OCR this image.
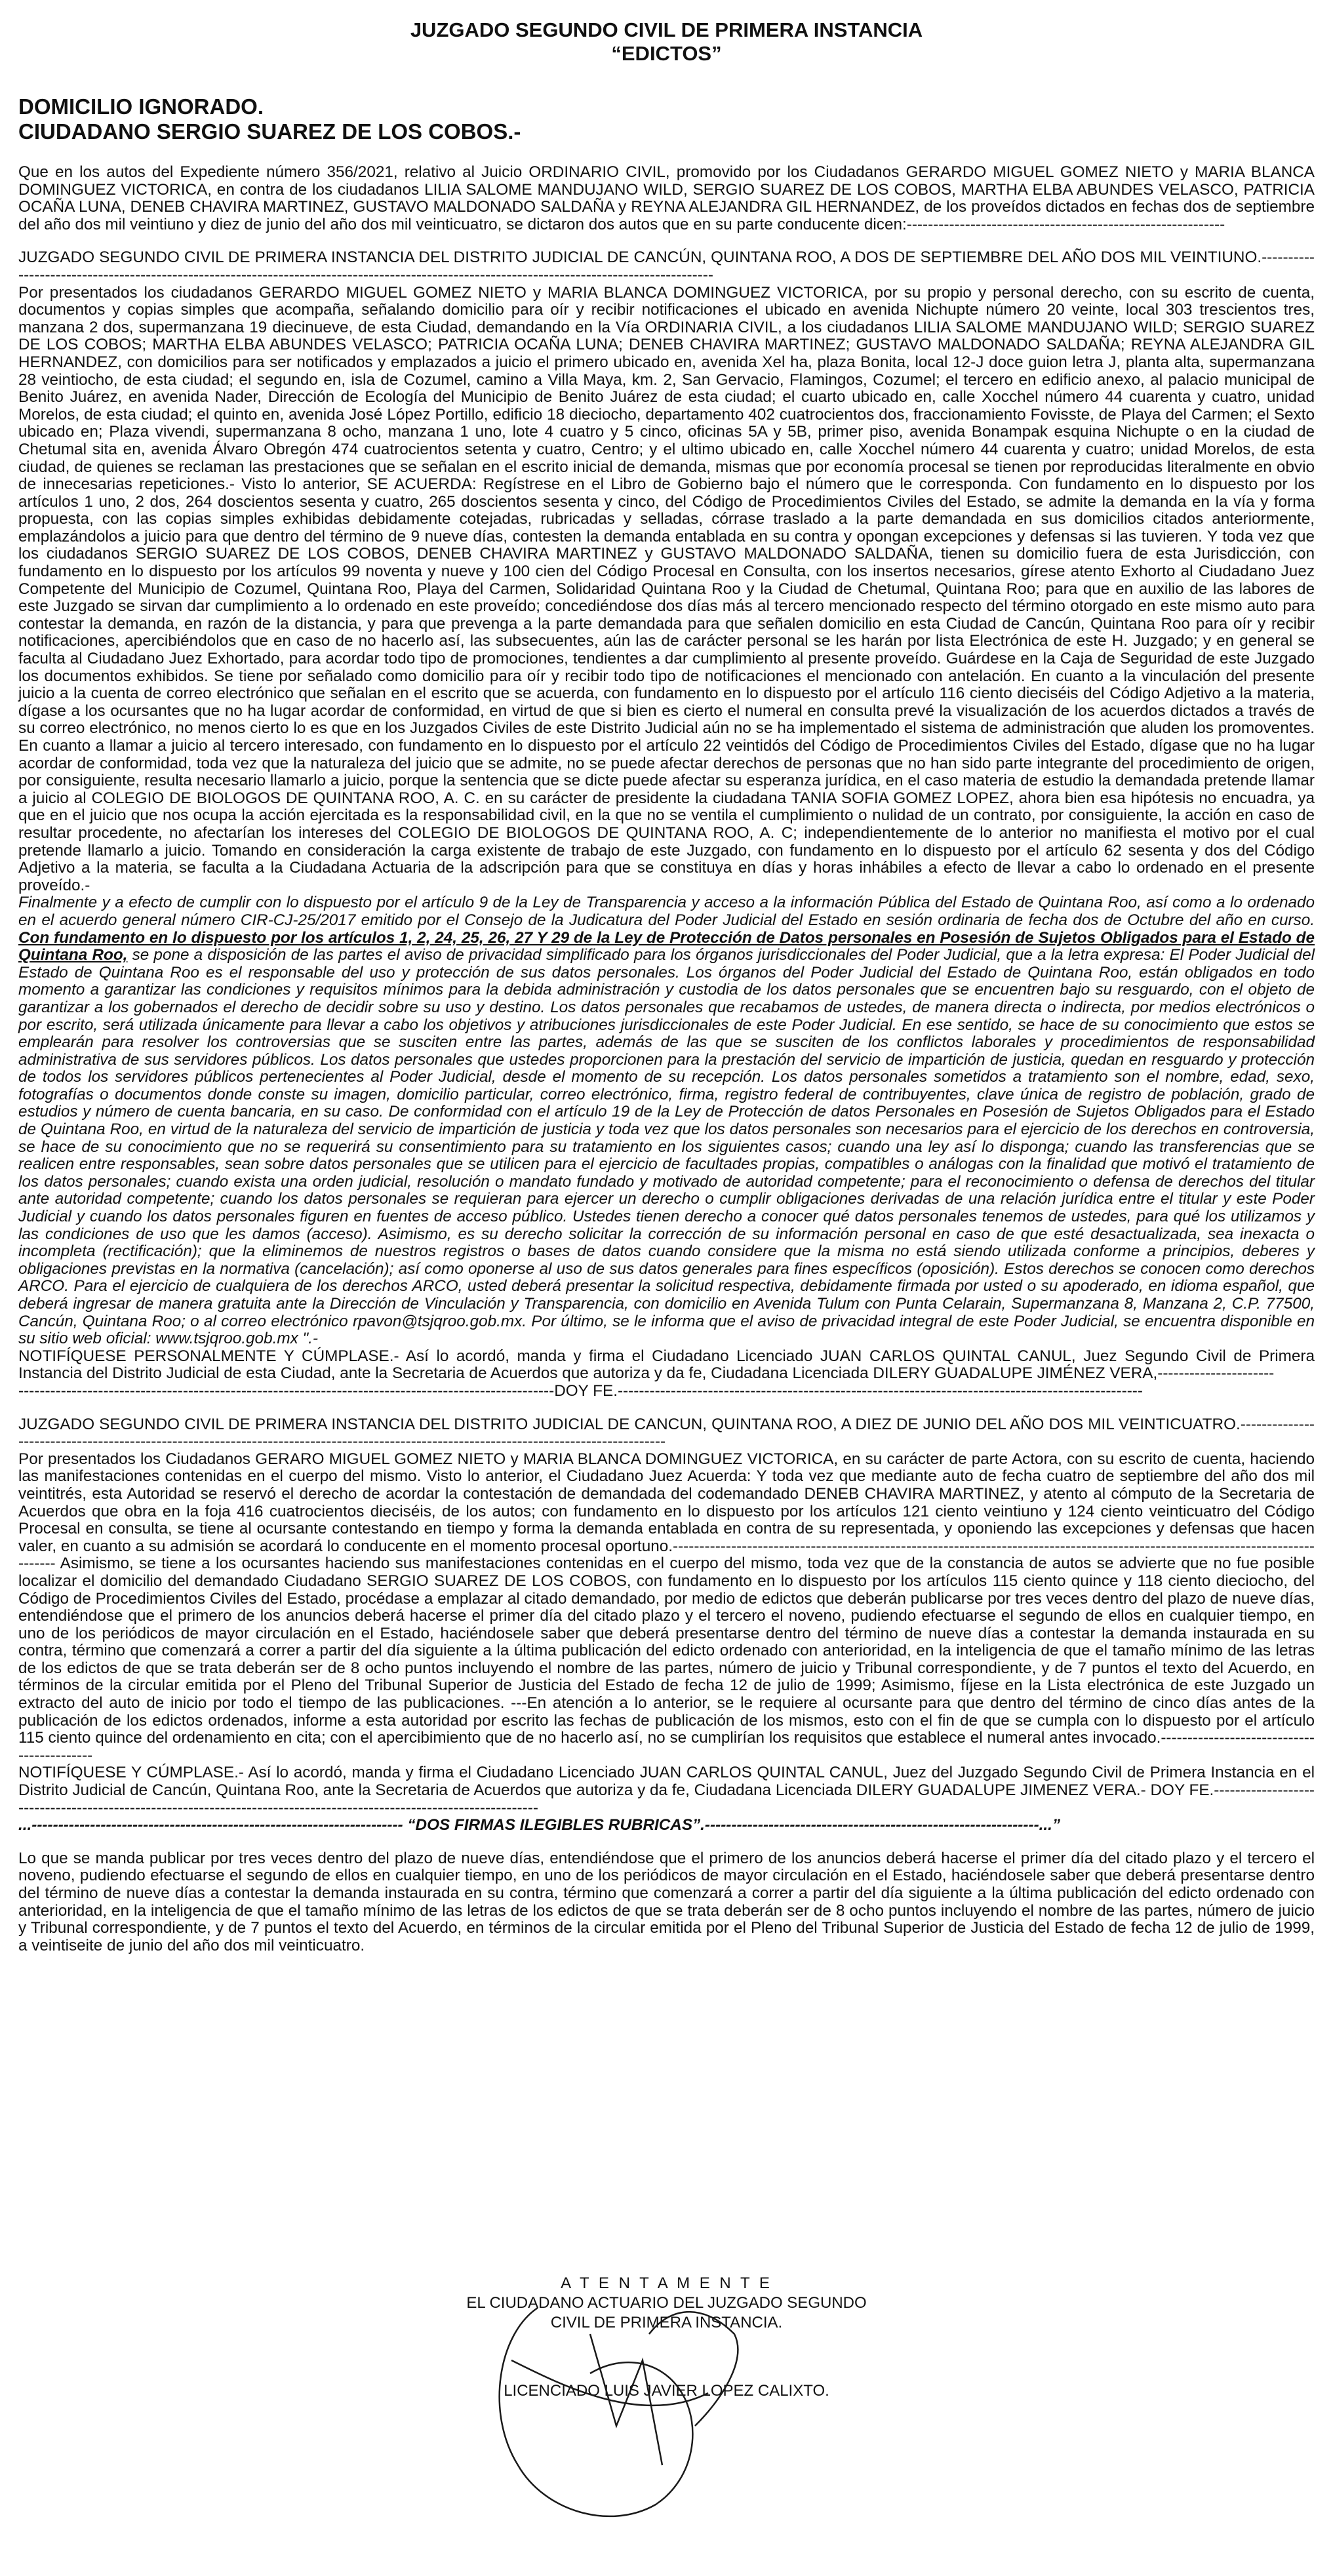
JUZGADO SEGUNDO CIVIL DE PRIMERA INSTANCIA
“EDICTOS”
DOMICILIO IGNORADO.
CIUDADANO SERGIO SUAREZ DE LOS COBOS.-

Que en los autos del Expediente número 356/2021, relativo al Juicio ORDINARIO CIVIL, promovido por los Ciudadanos GERARDO MIGUEL GOMEZ NIETO y MARIA BLANCA DOMINGUEZ VICTORICA, en contra de los ciudadanos LILIA SALOME MANDUJANO WILD, SERGIO SUAREZ DE LOS COBOS, MARTHA ELBA ABUNDES VELASCO, PATRICIA OCAÑA LUNA, DENEB CHAVIRA MARTINEZ, GUSTAVO MALDONADO SALDAÑA y REYNA ALEJANDRA GIL HERNANDEZ, de los proveídos dictados en fechas dos de septiembre del año dos mil veintiuno y diez de junio del año dos mil veinticuatro, se dictaron dos autos que en su parte conducente dicen:------------------------------------------------------------

JUZGADO SEGUNDO CIVIL DE PRIMERA INSTANCIA DEL DISTRITO JUDICIAL DE CANCÚN, QUINTANA ROO, A DOS DE SEPTIEMBRE DEL AÑO DOS MIL VEINTIUNO.---------------------------------------------------------------------------------------------------------------------------------------------

Por presentados los ciudadanos GERARDO MIGUEL GOMEZ NIETO y MARIA BLANCA DOMINGUEZ VICTORICA, por su propio y personal derecho, con su escrito de cuenta, documentos y copias simples que acompaña, señalando domicilio para oír y recibir notificaciones el ubicado en avenida Nichupte número 20 veinte, local 303 trescientos tres, manzana 2 dos, supermanzana 19 diecinueve, de esta Ciudad, demandando en la Vía ORDINARIA CIVIL, a los ciudadanos LILIA SALOME MANDUJANO WILD; SERGIO SUAREZ DE LOS COBOS; MARTHA ELBA ABUNDES VELASCO; PATRICIA OCAÑA LUNA; DENEB CHAVIRA MARTINEZ; GUSTAVO MALDONADO SALDAÑA; REYNA ALEJANDRA GIL HERNANDEZ, con domicilios para ser notificados y emplazados a juicio el primero ubicado en, avenida Xel ha, plaza Bonita, local 12-J doce guion letra J, planta alta, supermanzana 28 veintiocho, de esta ciudad; el segundo en, isla de Cozumel, camino a Villa Maya, km. 2, San Gervacio, Flamingos, Cozumel; el tercero en edificio anexo, al palacio municipal de Benito Juárez, en avenida Nader, Dirección de Ecología del Municipio de Benito Juárez de esta ciudad; el cuarto ubicado en, calle Xocchel número 44 cuarenta y cuatro, unidad Morelos, de esta ciudad; el quinto en, avenida José López Portillo, edificio 18 dieciocho, departamento 402 cuatrocientos dos, fraccionamiento Fovisste, de Playa del Carmen; el Sexto ubicado en; Plaza vivendi, supermanzana 8 ocho, manzana 1 uno, lote 4 cuatro y 5 cinco, oficinas 5A y 5B, primer piso, avenida Bonampak esquina Nichupte o en la ciudad de Chetumal sita en, avenida Álvaro Obregón 474 cuatrocientos setenta y cuatro, Centro; y el ultimo ubicado en, calle Xocchel número 44 cuarenta y cuatro; unidad Morelos, de esta ciudad, de quienes se reclaman las prestaciones que se señalan en el escrito inicial de demanda, mismas que por economía procesal se tienen por reproducidas literalmente en obvio de innecesarias repeticiones.- Visto lo anterior, SE ACUERDA: Regístrese en el Libro de Gobierno bajo el número que le corresponda. Con fundamento en lo dispuesto por los artículos 1 uno, 2 dos, 264 doscientos sesenta y cuatro, 265 doscientos sesenta y cinco, del Código de Procedimientos Civiles del Estado, se admite la demanda en la vía y forma propuesta, con las copias simples exhibidas debidamente cotejadas, rubricadas y selladas, córrase traslado a la parte demandada en sus domicilios citados anteriormente, emplazándolos a juicio para que dentro del término de 9 nueve días, contesten la demanda entablada en su contra y opongan excepciones y defensas si las tuvieren. Y toda vez que los ciudadanos SERGIO SUAREZ DE LOS COBOS, DENEB CHAVIRA MARTINEZ y GUSTAVO MALDONADO SALDAÑA, tienen su domicilio fuera de esta Jurisdicción, con fundamento en lo dispuesto por los artículos 99 noventa y nueve y 100 cien del Código Procesal en Consulta, con los insertos necesarios, gírese atento Exhorto al Ciudadano Juez Competente del Municipio de Cozumel, Quintana Roo, Playa del Carmen, Solidaridad Quintana Roo y la Ciudad de Chetumal, Quintana Roo; para que en auxilio de las labores de este Juzgado se sirvan dar cumplimiento a lo ordenado en este proveído; concediéndose dos días más al tercero mencionado respecto del término otorgado en este mismo auto para contestar la demanda, en razón de la distancia, y para que prevenga a la parte demandada para que señalen domicilio en esta Ciudad de Cancún, Quintana Roo para oír y recibir notificaciones, apercibiéndolos que en caso de no hacerlo así, las subsecuentes, aún las de carácter personal se les harán por lista Electrónica de este H. Juzgado; y en general se faculta al Ciudadano Juez Exhortado, para acordar todo tipo de promociones, tendientes a dar cumplimiento al presente proveído. Guárdese en la Caja de Seguridad de este Juzgado los documentos exhibidos. Se tiene por señalado como domicilio para oír y recibir todo tipo de notificaciones el mencionado con antelación. En cuanto a la vinculación del presente juicio a la cuenta de correo electrónico que señalan en el escrito que se acuerda, con fundamento en lo dispuesto por el artículo 116 ciento dieciséis del Código Adjetivo a la materia, dígase a los ocursantes que no ha lugar acordar de conformidad, en virtud de que si bien es cierto el numeral en consulta prevé la visualización de los acuerdos dictados a través de su correo electrónico, no menos cierto lo es que en los Juzgados Civiles de este Distrito Judicial aún no se ha implementado el sistema de administración que aluden los promoventes. En cuanto a llamar a juicio al tercero interesado, con fundamento en lo dispuesto por el artículo 22 veintidós del Código de Procedimientos Civiles del Estado, dígase que no ha lugar acordar de conformidad, toda vez que la naturaleza del juicio que se admite, no se puede afectar derechos de personas que no han sido parte integrante del procedimiento de origen, por consiguiente, resulta necesario llamarlo a juicio, porque la sentencia que se dicte puede afectar su esperanza jurídica, en el caso materia de estudio la demandada pretende llamar a juicio al COLEGIO DE BIOLOGOS DE QUINTANA ROO, A. C. en su carácter de presidente la ciudadana TANIA SOFIA GOMEZ LOPEZ, ahora bien esa hipótesis no encuadra, ya que en el juicio que nos ocupa la acción ejercitada es la responsabilidad civil, en la que no se ventila el cumplimiento o nulidad de un contrato, por consiguiente, la acción en caso de resultar procedente, no afectarían los intereses del COLEGIO DE BIOLOGOS DE QUINTANA ROO, A. C; independientemente de lo anterior no manifiesta el motivo por el cual pretende llamarlo a juicio. Tomando en consideración la carga existente de trabajo de este Juzgado, con fundamento en lo dispuesto por el artículo 62 sesenta y dos del Código Adjetivo a la materia, se faculta a la Ciudadana Actuaria de la adscripción para que se constituya en días y horas inhábiles a efecto de llevar a cabo lo ordenado en el presente proveído.-

Finalmente y a efecto de cumplir con lo dispuesto por el artículo 9 de la Ley de Transparencia y acceso a la información Pública del Estado de Quintana Roo, así como a lo ordenado en el acuerdo general número CIR-CJ-25/2017 emitido por el Consejo de la Judicatura del Poder Judicial del Estado en sesión ordinaria de fecha dos de Octubre del año en curso. Con fundamento en lo dispuesto por los artículos 1, 2, 24, 25, 26, 27 Y 29 de la Ley de Protección de Datos personales en Posesión de Sujetos Obligados para el Estado de Quintana Roo, se pone a disposición de las partes el aviso de privacidad simplificado para los órganos jurisdiccionales del Poder Judicial, que a la letra expresa: El Poder Judicial del Estado de Quintana Roo es el responsable del uso y protección de sus datos personales. Los órganos del Poder Judicial del Estado de Quintana Roo, están obligados en todo momento a garantizar las condiciones y requisitos mínimos para la debida administración y custodia de los datos personales que se encuentren bajo su resguardo, con el objeto de garantizar a los gobernados el derecho de decidir sobre su uso y destino. Los datos personales que recabamos de ustedes, de manera directa o indirecta, por medios electrónicos o por escrito, será utilizada únicamente para llevar a cabo los objetivos y atribuciones jurisdiccionales de este Poder Judicial. En ese sentido, se hace de su conocimiento que estos se emplearán para resolver los controversias que se susciten entre las partes, además de las que se susciten de los conflictos laborales y procedimientos de responsabilidad administrativa de sus servidores públicos. Los datos personales que ustedes proporcionen para la prestación del servicio de impartición de justicia, quedan en resguardo y protección de todos los servidores públicos pertenecientes al Poder Judicial, desde el momento de su recepción. Los datos personales sometidos a tratamiento son el nombre, edad, sexo, fotografías o documentos donde conste su imagen, domicilio particular, correo electrónico, firma, registro federal de contribuyentes, clave única de registro de población, grado de estudios y número de cuenta bancaria, en su caso. De conformidad con el artículo 19 de la Ley de Protección de datos Personales en Posesión de Sujetos Obligados para el Estado de Quintana Roo, en virtud de la naturaleza del servicio de impartición de justicia y toda vez que los datos personales son necesarios para el ejercicio de los derechos en controversia, se hace de su conocimiento que no se requerirá su consentimiento para su tratamiento en los siguientes casos; cuando una ley así lo disponga; cuando las transferencias que se realicen entre responsables, sean sobre datos personales que se utilicen para el ejercicio de facultades propias, compatibles o análogas con la finalidad que motivó el tratamiento de los datos personales; cuando exista una orden judicial, resolución o mandato fundado y motivado de autoridad competente; para el reconocimiento o defensa de derechos del titular ante autoridad competente; cuando los datos personales se requieran para ejercer un derecho o cumplir obligaciones derivadas de una relación jurídica entre el titular y este Poder Judicial y cuando los datos personales figuren en fuentes de acceso público. Ustedes tienen derecho a conocer qué datos personales tenemos de ustedes, para qué los utilizamos y las condiciones de uso que les damos (acceso). Asimismo, es su derecho solicitar la corrección de su información personal en caso de que esté desactualizada, sea inexacta o incompleta (rectificación); que la eliminemos de nuestros registros o bases de datos cuando considere que la misma no está siendo utilizada conforme a principios, deberes y obligaciones previstas en la normativa (cancelación); así como oponerse al uso de sus datos generales para fines específicos (oposición). Estos derechos se conocen como derechos ARCO. Para el ejercicio de cualquiera de los derechos ARCO, usted deberá presentar la solicitud respectiva, debidamente firmada por usted o su apoderado, en idioma español, que deberá ingresar de manera gratuita ante la Dirección de Vinculación y Transparencia, con domicilio en Avenida Tulum con Punta Celarain, Supermanzana 8, Manzana 2, C.P. 77500, Cancún, Quintana Roo; o al correo electrónico rpavon@tsjqroo.gob.mx. Por último, se le informa que el aviso de privacidad integral de este Poder Judicial, se encuentra disponible en su sitio web oficial: www.tsjqroo.gob.mx ".-

NOTIFÍQUESE PERSONALMENTE Y CÚMPLASE.- Así lo acordó, manda y firma el Ciudadano Licenciado JUAN CARLOS QUINTAL CANUL, Juez Segundo Civil de Primera Instancia del Distrito Judicial de esta Ciudad, ante la Secretaria de Acuerdos que autoriza y da fe, Ciudadana Licenciada DILERY GUADALUPE JIMÉNEZ VERA,----------------------

-----------------------------------------------------------------------------------------------------DOY FE.---------------------------------------------------------------------------------------------------

JUZGADO SEGUNDO CIVIL DE PRIMERA INSTANCIA DEL DISTRITO JUDICIAL DE CANCUN, QUINTANA ROO, A DIEZ DE JUNIO DEL AÑO DOS MIL VEINTICUATRO.----------------------------------------------------------------------------------------------------------------------------------------

Por presentados los Ciudadanos GERARO MIGUEL GOMEZ NIETO y MARIA BLANCA DOMINGUEZ VICTORICA, en su carácter de parte Actora, con su escrito de cuenta, haciendo las manifestaciones contenidas en el cuerpo del mismo. Visto lo anterior, el Ciudadano Juez Acuerda: Y toda vez que mediante auto de fecha cuatro de septiembre del año dos mil veintitrés, esta Autoridad se reservó el derecho de acordar la contestación de demandada del codemandado DENEB CHAVIRA MARTINEZ, y atento al cómputo de la Secretaria de Acuerdos que obra en la foja 416 cuatrocientos dieciséis, de los autos; con fundamento en lo dispuesto por los artículos 121 ciento veintiuno y 124 ciento veinticuatro del Código Procesal en consulta, se tiene al ocursante contestando en tiempo y forma la demanda entablada en contra de su representada, y oponiendo las excepciones y defensas que hacen valer, en cuanto a su admisión se acordará lo conducente en el momento procesal oportuno.-------------------------------------------------------------------------------------------------------------------------------- Asimismo, se tiene a los ocursantes haciendo sus manifestaciones contenidas en el cuerpo del mismo, toda vez que de la constancia de autos se advierte que no fue posible localizar el domicilio del demandado Ciudadano SERGIO SUAREZ DE LOS COBOS, con fundamento en lo dispuesto por los artículos 115 ciento quince y 118 ciento dieciocho, del Código de Procedimientos Civiles del Estado, procédase a emplazar al citado demandado, por medio de edictos que deberán publicarse por tres veces dentro del plazo de nueve días, entendiéndose que el primero de los anuncios deberá hacerse el primer día del citado plazo y el tercero el noveno, pudiendo efectuarse el segundo de ellos en cualquier tiempo, en uno de los periódicos de mayor circulación en el Estado, haciéndosele saber que deberá presentarse dentro del término de nueve días a contestar la demanda instaurada en su contra, término que comenzará a correr a partir del día siguiente a la última publicación del edicto ordenado con anterioridad, en la inteligencia de que el tamaño mínimo de las letras de los edictos de que se trata deberán ser de 8 ocho puntos incluyendo el nombre de las partes, número de juicio y Tribunal correspondiente, y de 7 puntos el texto del Acuerdo, en términos de la circular emitida por el Pleno del Tribunal Superior de Justicia del Estado de fecha 12 de julio de 1999; Asimismo, fíjese en la Lista electrónica de este Juzgado un extracto del auto de inicio por todo el tiempo de las publicaciones. ---En atención a lo anterior, se le requiere al ocursante para que dentro del término de cinco días antes de la publicación de los edictos ordenados, informe a esta autoridad por escrito las fechas de publicación de los mismos, esto con el fin de que se cumpla con lo dispuesto por el artículo 115 ciento quince del ordenamiento en cita; con el apercibimiento que de no hacerlo así, no se cumplirían los requisitos que establece el numeral antes invocado.-------------------------------------------

NOTIFÍQUESE Y CÚMPLASE.- Así lo acordó, manda y firma el Ciudadano Licenciado JUAN CARLOS QUINTAL CANUL, Juez del Juzgado Segundo Civil de Primera Instancia en el Distrito Judicial de Cancún, Quintana Roo, ante la Secretaria de Acuerdos que autoriza y da fe, Ciudadana Licenciada DILERY GUADALUPE JIMENEZ VERA.- DOY FE.---------------------------------------------------------------------------------------------------------------------

...---------------------------------------------------------------------- “DOS FIRMAS ILEGIBLES RUBRICAS”.---------------------------------------------------------------...”

Lo que se manda publicar por tres veces dentro del plazo de nueve días, entendiéndose que el primero de los anuncios deberá hacerse el primer día del citado plazo y el tercero el noveno, pudiendo efectuarse el segundo de ellos en cualquier tiempo, en uno de los periódicos de mayor circulación en el Estado, haciéndosele saber que deberá presentarse dentro del término de nueve días a contestar la demanda instaurada en su contra, término que comenzará a correr a partir del día siguiente a la última publicación del edicto ordenado con anterioridad, en la inteligencia de que el tamaño mínimo de las letras de los edictos de que se trata deberán ser de 8 ocho puntos incluyendo el nombre de las partes, número de juicio y Tribunal correspondiente, y de 7 puntos el texto del Acuerdo, en términos de la circular emitida por el Pleno del Tribunal Superior de Justicia del Estado de fecha 12 de julio de 1999, a veintiseite de junio del año dos mil veinticuatro.

A T E N T A M E N T E
EL CIUDADANO ACTUARIO DEL JUZGADO SEGUNDO
CIVIL DE PRIMERA INSTANCIA.
LICENCIADO LUIS JAVIER LOPEZ CALIXTO.
